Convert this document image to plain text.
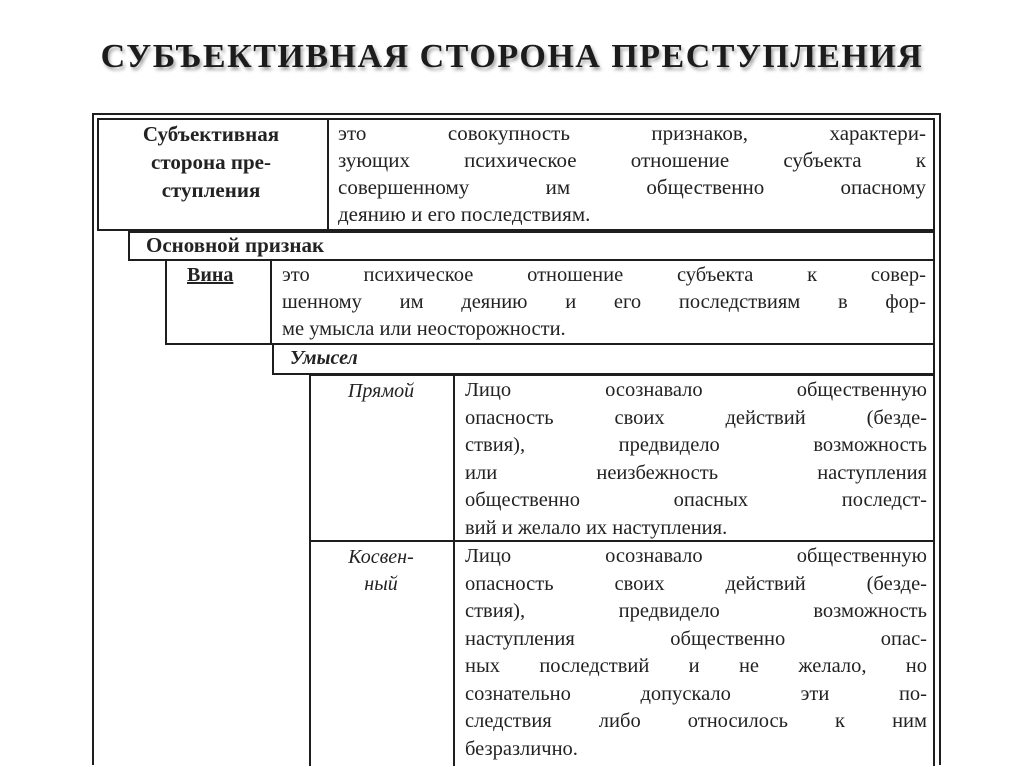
СУБЪЕКТИВНАЯ СТОРОНА ПРЕСТУПЛЕНИЯ
Субъективная
сторона пре-
ступления
это совокупность признаков, характери-
зующих психическое отношение субъекта к
совершенному им общественно опасному
деянию и его последствиям.
Основной признак
Вина это психическое отношение субъекта к совер-
шенному им деянию и его последствиям в фор-
ме умысла или неосторожности.
Умысел
Прямой	Лицо осознавало общественную
опасность своих действий (безде-
ствия), предвидело возможность
или неизбежность наступления
общественно опасных последст-
вий и желало их наступления.
Косвен-
ный
Лицо осознавало общественную
опасность своих действий (безде-
ствия), предвидело возможность
наступления общественно опас-
ных последствий и не желало, но
сознательно допускало эти по-
следствия либо относилось к ним
безразлично.
